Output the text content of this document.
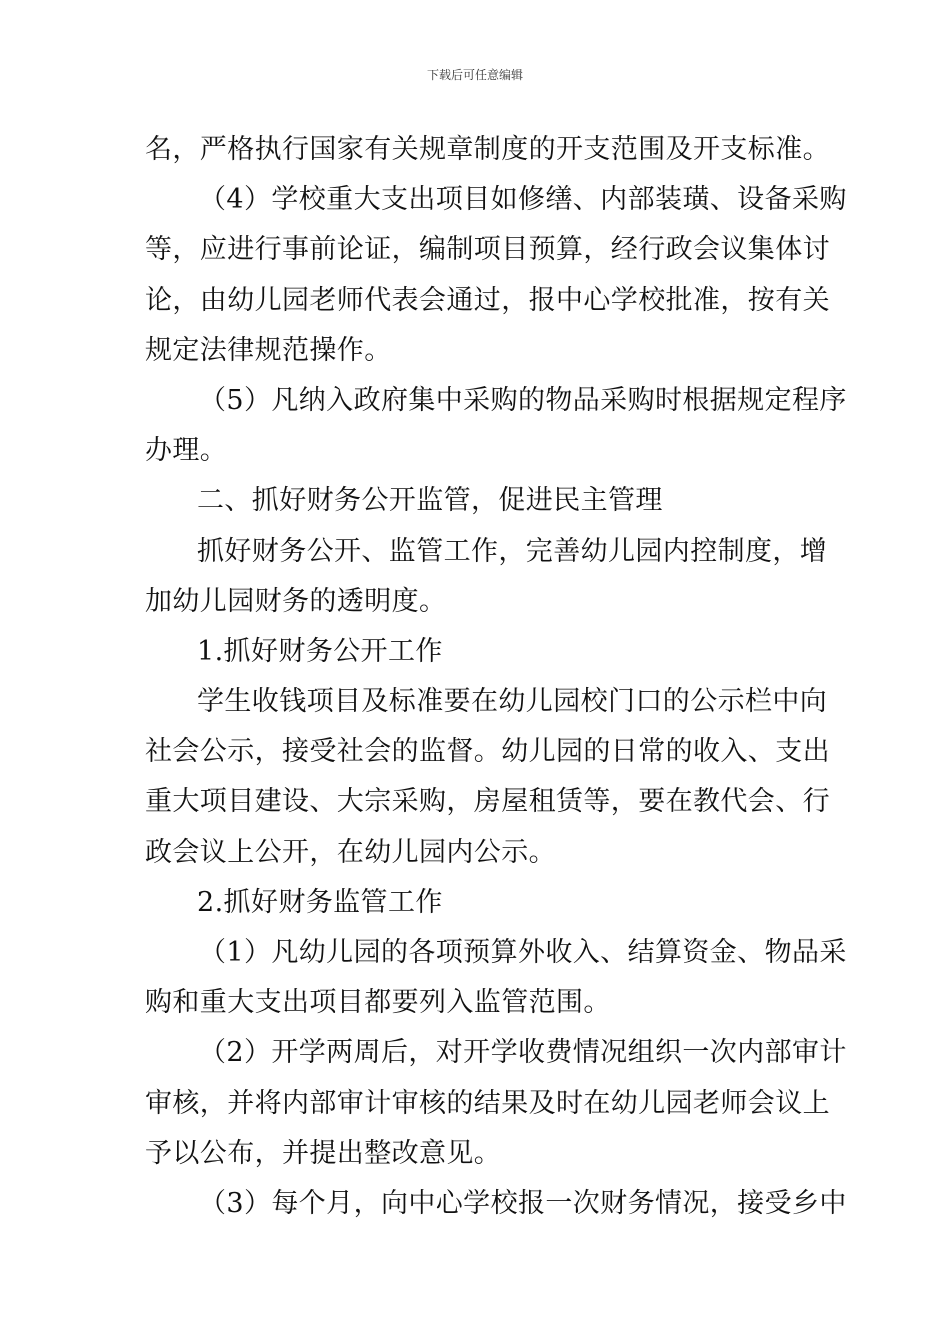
下载后可任意编辑
名，严格执行国家有关规章制度的开支范围及开支标准。
（4）学校重大支出项目如修缮、内部装璜、设备采购
等，应进行事前论证，编制项目预算，经行政会议集体讨
论，由幼儿园老师代表会通过，报中心学校批准，按有关
规定法律规范操作。
（5）凡纳入政府集中采购的物品采购时根据规定程序
办理。
二、抓好财务公开监管，促进民主管理
抓好财务公开、监管工作，完善幼儿园内控制度，增
加幼儿园财务的透明度。
1.抓好财务公开工作
学生收钱项目及标准要在幼儿园校门口的公示栏中向
社会公示，接受社会的监督。幼儿园的日常的收入、支出
重大项目建设、大宗采购，房屋租赁等，要在教代会、行
政会议上公开，在幼儿园内公示。
2.抓好财务监管工作
（1）凡幼儿园的各项预算外收入、结算资金、物品采
购和重大支出项目都要列入监管范围。
（2）开学两周后，对开学收费情况组织一次内部审计
审核，并将内部审计审核的结果及时在幼儿园老师会议上
予以公布，并提出整改意见。
（3）每个月，向中心学校报一次财务情况，接受乡中
